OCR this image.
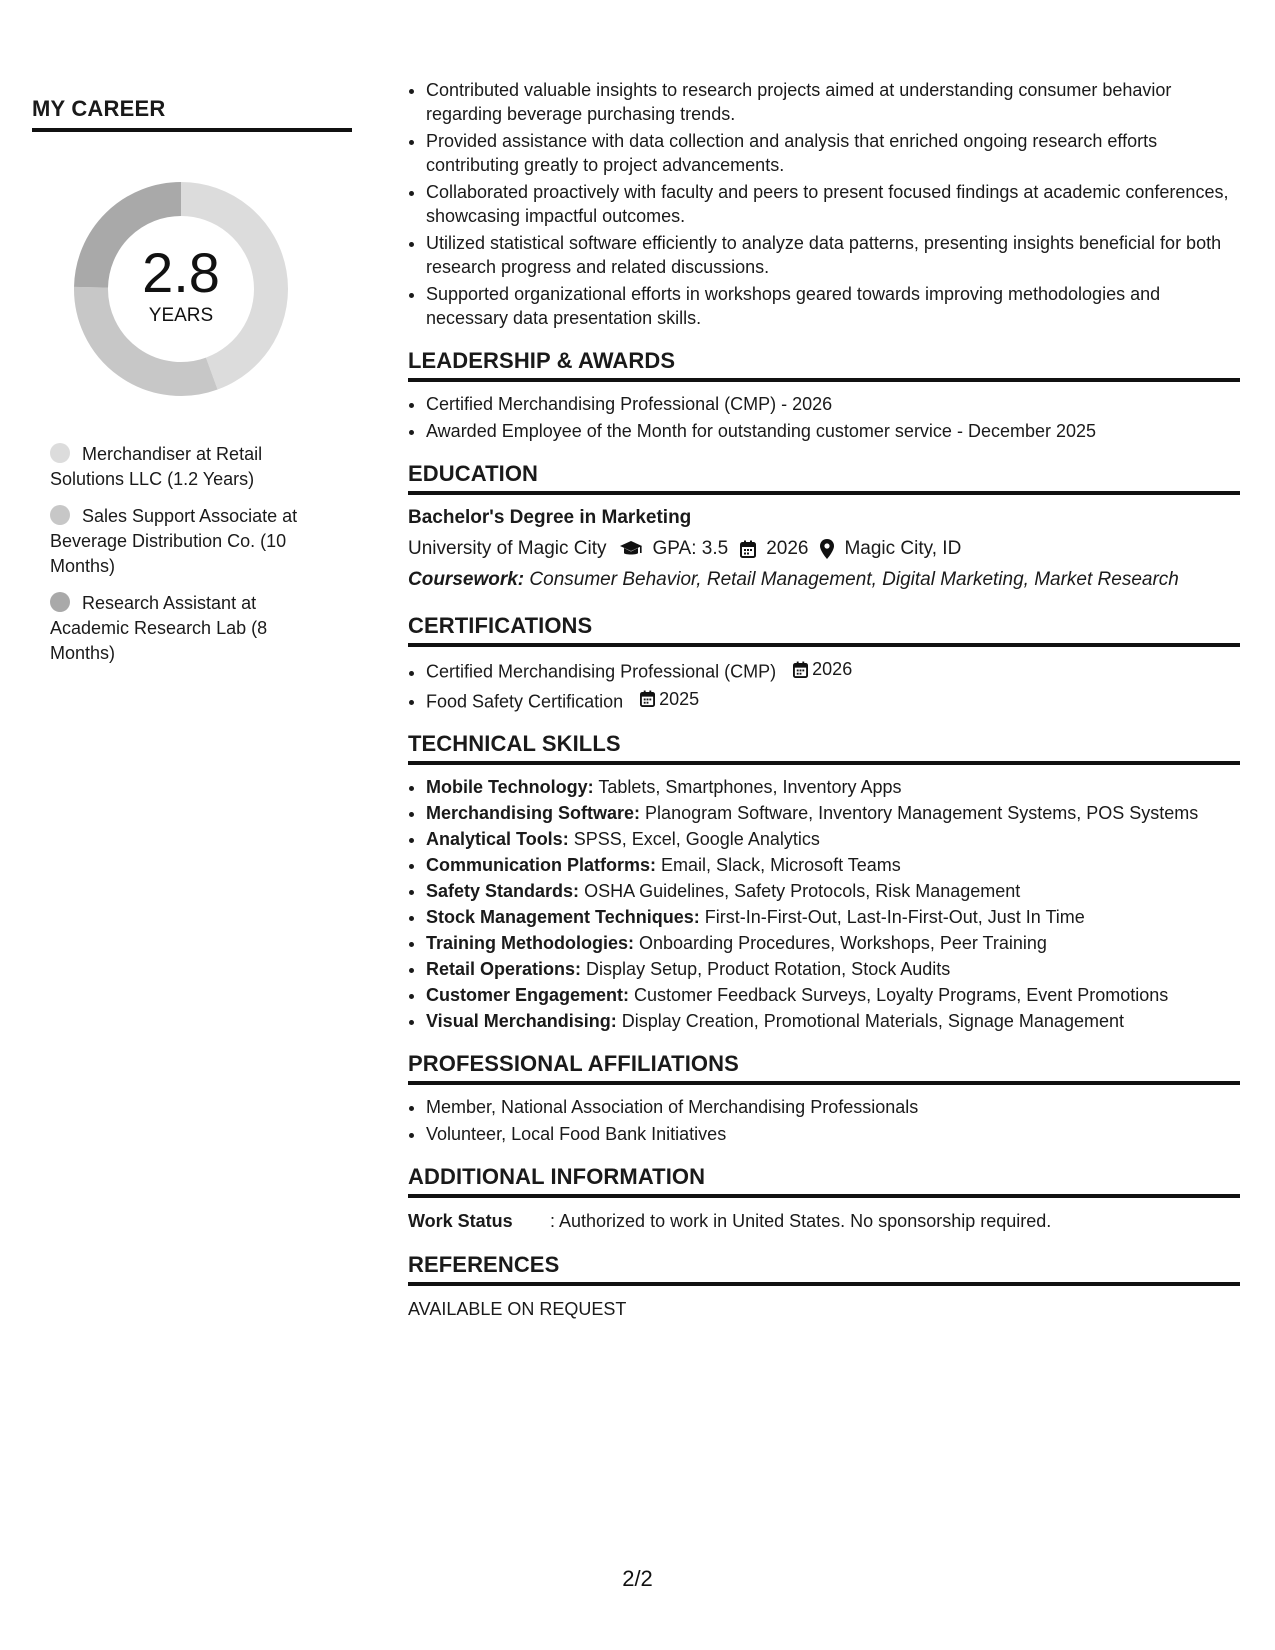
MY CAREER
2.8
YEARS
Merchandiser at Retail Solutions LLC (1.2 Years)
Sales Support Associate at Beverage Distribution Co. (10 Months)
Research Assistant at Academic Research Lab (8 Months)
• Contributed valuable insights to research projects aimed at understanding consumer behavior regarding beverage purchasing trends.
• Provided assistance with data collection and analysis that enriched ongoing research efforts contributing greatly to project advancements.
• Collaborated proactively with faculty and peers to present focused findings at academic conferences, showcasing impactful outcomes.
• Utilized statistical software efficiently to analyze data patterns, presenting insights beneficial for both research progress and related discussions.
• Supported organizational efforts in workshops geared towards improving methodologies and necessary data presentation skills.
LEADERSHIP & AWARDS
• Certified Merchandising Professional (CMP) - 2026
• Awarded Employee of the Month for outstanding customer service - December 2025
EDUCATION
Bachelor's Degree in Marketing
University of Magic City GPA: 3.5 2026 Magic City, ID
Coursework: Consumer Behavior, Retail Management, Digital Marketing, Market Research
CERTIFICATIONS
• Certified Merchandising Professional (CMP) 2026
• Food Safety Certification 2025
TECHNICAL SKILLS
• Mobile Technology: Tablets, Smartphones, Inventory Apps
• Merchandising Software: Planogram Software, Inventory Management Systems, POS Systems
• Analytical Tools: SPSS, Excel, Google Analytics
• Communication Platforms: Email, Slack, Microsoft Teams
• Safety Standards: OSHA Guidelines, Safety Protocols, Risk Management
• Stock Management Techniques: First-In-First-Out, Last-In-First-Out, Just In Time
• Training Methodologies: Onboarding Procedures, Workshops, Peer Training
• Retail Operations: Display Setup, Product Rotation, Stock Audits
• Customer Engagement: Customer Feedback Surveys, Loyalty Programs, Event Promotions
• Visual Merchandising: Display Creation, Promotional Materials, Signage Management
PROFESSIONAL AFFILIATIONS
• Member, National Association of Merchandising Professionals
• Volunteer, Local Food Bank Initiatives
ADDITIONAL INFORMATION
Work Status	: Authorized to work in United States. No sponsorship required.
REFERENCES
AVAILABLE ON REQUEST
2/2
